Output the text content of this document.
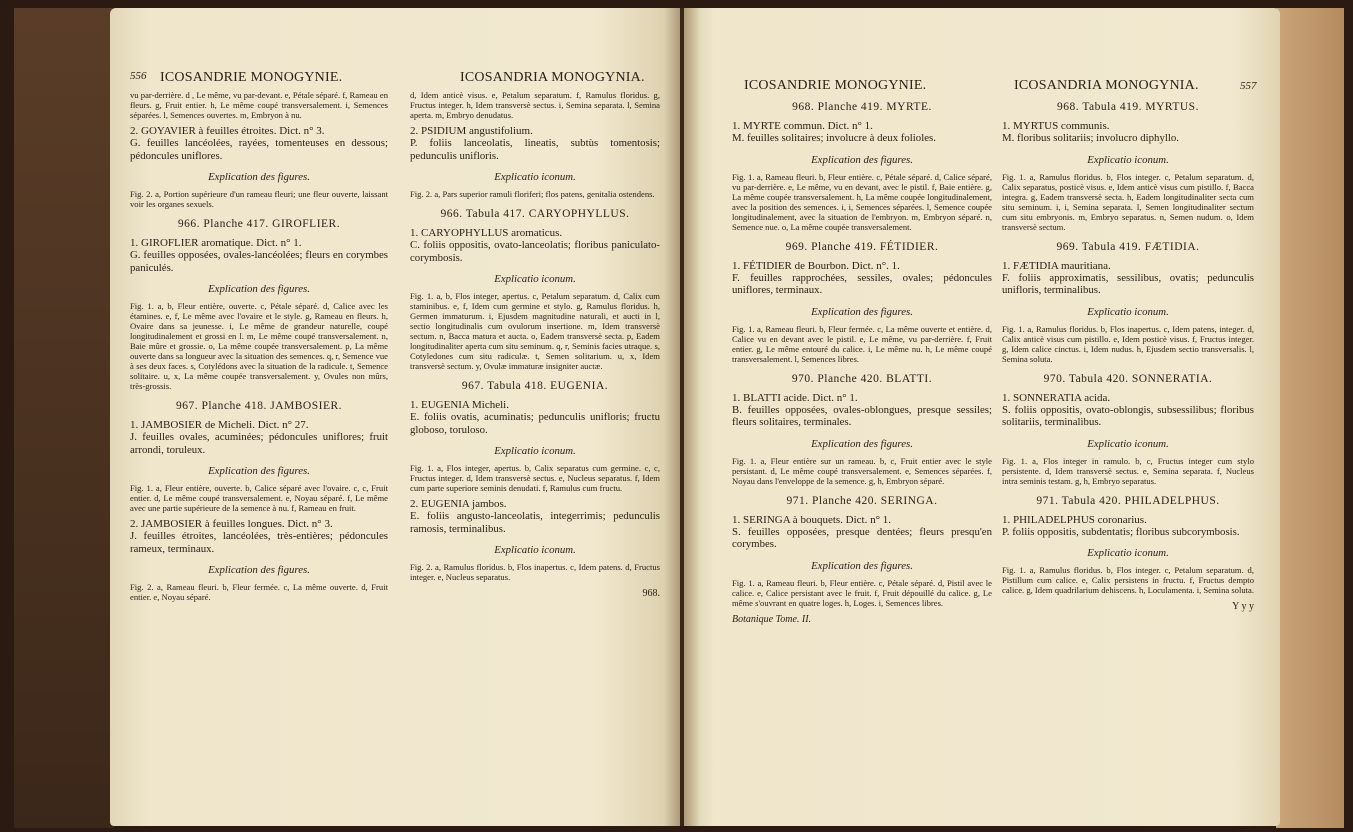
556 ICOSANDRIE MONOGYNIE.	ICOSANDRIA MONOGYNIA.
vu par-derrière. d , Le même, vu par-devant. e, Pétale séparé. f, Rameau en fleurs. g, Fruit entier. h, Le même coupé transversalement. i, Semences séparées. l, Semences ouvertes. m, Embryon à nu.
2. GOYAVIER à feuilles étroites. Dict. n° 3.
G. feuilles lancéolées, rayées, tomenteuses en dessous; pédoncules uniflores.
Explication des figures.
Fig. 2. a, Portion supérieure d'un rameau fleuri; une fleur ouverte, laissant voir les organes sexuels.
966. Planche 417. GIROFLIER.
1. GIROFLIER aromatique. Dict. n° 1.
G. feuilles opposées, ovales-lancéolées; fleurs en corymbes paniculés.
Explication des figures.
Fig. 1. a, b, Fleur entière, ouverte. c, Pétale séparé. d, Calice avec les étamines. e, f, Le même avec l'ovaire et le style. g, Rameau en fleurs. h, Ovaire dans sa jeunesse. i, Le même de grandeur naturelle, coupé longitudinalement et grossi en l. m, Le même coupé transversalement. n, Baie mûre et grossie. o, La même coupée transversalement. p, La même ouverte dans sa longueur avec la situation des semences. q, r, Semence vue à ses deux faces. s, Cotylédons avec la situation de la radicule. t, Semence solitaire. u, x, La même coupée transversalement. y, Ovules non mûrs, très-grossis.
967. Planche 418. JAMBOSIER.
1. JAMBOSIER de Micheli. Dict. n° 27.
J. feuilles ovales, acuminées; pédoncules uniflores; fruit arrondi, toruleux.
Explication des figures.
Fig. 1. a, Fleur entière, ouverte. b, Calice séparé avec l'ovaire. c, c, Fruit entier. d, Le même coupé transversalement. e, Noyau séparé. f, Le même avec une partie supérieure de la semence à nu. f, Rameau en fruit.
2. JAMBOSIER à feuilles longues. Dict. n° 3.
J. feuilles étroites, lancéolées, très-entières; pédoncules rameux, terminaux.
Explication des figures.
Fig. 2. a, Rameau fleuri. b, Fleur fermée. c, La même ouverte. d, Fruit entier. e, Noyau séparé.
d, Idem anticè visus. e, Petalum separatum. f, Ramulus floridus. g, Fructus integer. h, Idem transversè sectus. i, Semina separata. l, Semina aperta. m, Embryo denudatus.
2. PSIDIUM angustifolium.
P. foliis lanceolatis, lineatis, subtùs tomentosis; pedunculis unifloris.
Explicatio iconum.
Fig. 2. a, Pars superior ramuli floriferi; flos patens, genitalia ostendens.
966. Tabula 417. CARYOPHYLLUS.
1. CARYOPHYLLUS aromaticus.
C. foliis oppositis, ovato-lanceolatis; floribus paniculato-corymbosis.
Explicatio iconum.
Fig. 1. a, b, Flos integer, apertus. c, Petalum separatum. d, Calix cum staminibus. e, f, Idem cum germine et stylo. g, Ramulus floridus. h, Germen immaturum. i, Ejusdem magnitudine naturali, et aucti in l, sectio longitudinalis cum ovulorum insertione. m, Idem transversè sectum. n, Bacca matura et aucta. o, Eadem transversè secta. p, Eadem longitudinaliter aperta cum situ seminum. q, r, Seminis facies utraque. s, Cotyledones cum situ radiculæ. t, Semen solitarium. u, x, Idem transversè sectum. y, Ovulæ immaturæ insigniter auctæ.
967. Tabula 418. EUGENIA.
1. EUGENIA Micheli.
E. foliis ovatis, acuminatis; pedunculis unifloris; fructu globoso, toruloso.
Explicatio iconum.
Fig. 1. a, Flos integer, apertus. b, Calix separatus cum germine. c, c, Fructus integer. d, Idem transversè sectus. e, Nucleus separatus. f, Idem cum parte superiore seminis denudati. f, Ramulus cum fructu.
2. EUGENIA jambos.
E. foliis angusto-lanceolatis, integerrimis; pedunculis ramosis, terminalibus.
Explicatio iconum.
Fig. 2. a, Ramulus floridus. b, Flos inapertus. c, Idem patens. d, Fructus integer. e, Nucleus separatus.
968.
ICOSANDRIE MONOGYNIE.	ICOSANDRIA MONOGYNIA.	557
968. Planche 419. MYRTE.
1. MYRTE commun. Dict. n° 1.
M. feuilles solitaires; involucre à deux folioles.
Explication des figures.
Fig. 1. a, Rameau fleuri. b, Fleur entière. c, Pétale séparé. d, Calice séparé, vu par-derrière. e, Le même, vu en devant, avec le pistil. f, Baie entière. g, La même coupée transversalement. h, La même coupée longitudinalement, avec la position des semences. i, i, Semences séparées. l, Semence coupée longitudinalement, avec la situation de l'embryon. m, Embryon séparé. n, Semence nue. o, La même coupée transversalement.
969. Planche 419. FÉTIDIER.
1. FÉTIDIER de Bourbon. Dict. n°. 1.
F. feuilles rapprochées, sessiles, ovales; pédoncules uniflores, terminaux.
Explication des figures.
Fig. 1. a, Rameau fleuri. b, Fleur fermée. c, La même ouverte et entière. d, Calice vu en devant avec le pistil. e, Le même, vu par-derrière. f, Fruit entier. g, Le même entouré du calice. i, Le même nu. h, Le même coupé transversalement. l, Semences libres.
970. Planche 420. BLATTI.
1. BLATTI acide. Dict. n° 1.
B. feuilles opposées, ovales-oblongues, presque sessiles; fleurs solitaires, terminales.
Explication des figures.
Fig. 1. a, Fleur entière sur un rameau. b, c, Fruit entier avec le style persistant. d, Le même coupé transversalement. e, Semences séparées. f, Noyau dans l'enveloppe de la semence. g, h, Embryon séparé.
971. Planche 420. SERINGA.
1. SERINGA à bouquets. Dict. n° 1.
S. feuilles opposées, presque dentées; fleurs presqu'en corymbes.
Explication des figures.
Fig. 1. a, Rameau fleuri. b, Fleur entière. c, Pétale séparé. d, Pistil avec le calice. e, Calice persistant avec le fruit. f, Fruit dépouillé du calice. g, Le même s'ouvrant en quatre loges. h, Loges. i, Semences libres.
Botanique Tome. II.
968. Tabula 419. MYRTUS.
1. MYRTUS communis.
M. floribus solitariis; involucro diphyllo.
Explicatio iconum.
Fig. 1. a, Ramulus floridus. b, Flos integer. c, Petalum separatum. d, Calix separatus, posticè visus. e, Idem anticè visus cum pistillo. f, Bacca integra. g, Eadem transversè secta. h, Eadem longitudinaliter secta cum situ seminum. i, i, Semina separata. l, Semen longitudinaliter sectum cum situ embryonis. m, Embryo separatus. n, Semen nudum. o, Idem transversè sectum.
969. Tabula 419. FÆTIDIA.
1. FÆTIDIA mauritiana.
F. foliis approximatis, sessilibus, ovatis; pedunculis unifloris, terminalibus.
Explicatio iconum.
Fig. 1. a, Ramulus floridus. b, Flos inapertus. c, Idem patens, integer. d, Calix anticè visus cum pistillo. e, Idem posticè visus. f, Fructus integer. g, Idem calice cinctus. i, Idem nudus. h, Ejusdem sectio transversalis. l, Semina soluta.
970. Tabula 420. SONNERATIA.
1. SONNERATIA acida.
S. foliis oppositis, ovato-oblongis, subsessilibus; floribus solitariis, terminalibus.
Explicatio iconum.
Fig. 1. a, Flos integer in ramulo. b, c, Fructus integer cum stylo persistente. d, Idem transversè sectus. e, Semina separata. f, Nucleus intra seminis testam. g, h, Embryo separatus.
971. Tabula 420. PHILADELPHUS.
1. PHILADELPHUS coronarius.
P. foliis oppositis, subdentatis; floribus subcorymbosis.
Explicatio iconum.
Fig. 1. a, Ramulus floridus. b, Flos integer. c, Petalum separatum. d, Pistillum cum calice. e, Calix persistens in fructu. f, Fructus dempto calice. g, Idem quadrilarium dehiscens. h, Loculamenta. i, Semina soluta.
Y y y
